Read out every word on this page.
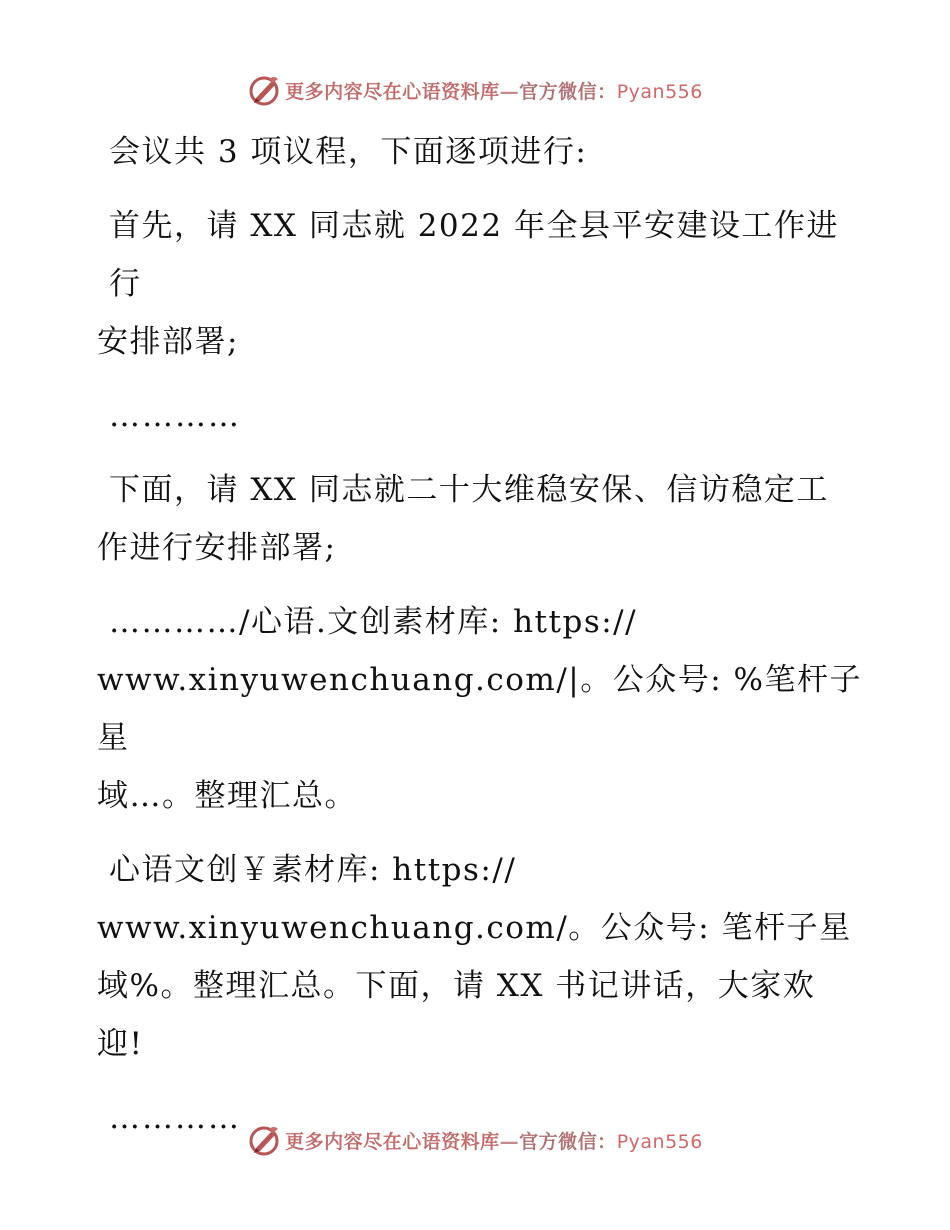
更多内容尽在心语资料库—官方微信：Pyan556
会议共 3 项议程，下面逐项进行:
首先，请 XX 同志就 2022 年全县平安建设工作进行
安排部署;
…………
下面，请 XX 同志就二十大维稳安保、信访稳定工
作进行安排部署;
…………/心语.文创素材库: https://
www.xinyuwenchuang.com/|。公众号: %笔杆子星
域…。整理汇总。
心语文创￥素材库: https://
www.xinyuwenchuang.com/。公众号: 笔杆子星
域%。整理汇总。下面，请 XX 书记讲话，大家欢
迎!
…………
更多内容尽在心语资料库—官方微信：Pyan556
